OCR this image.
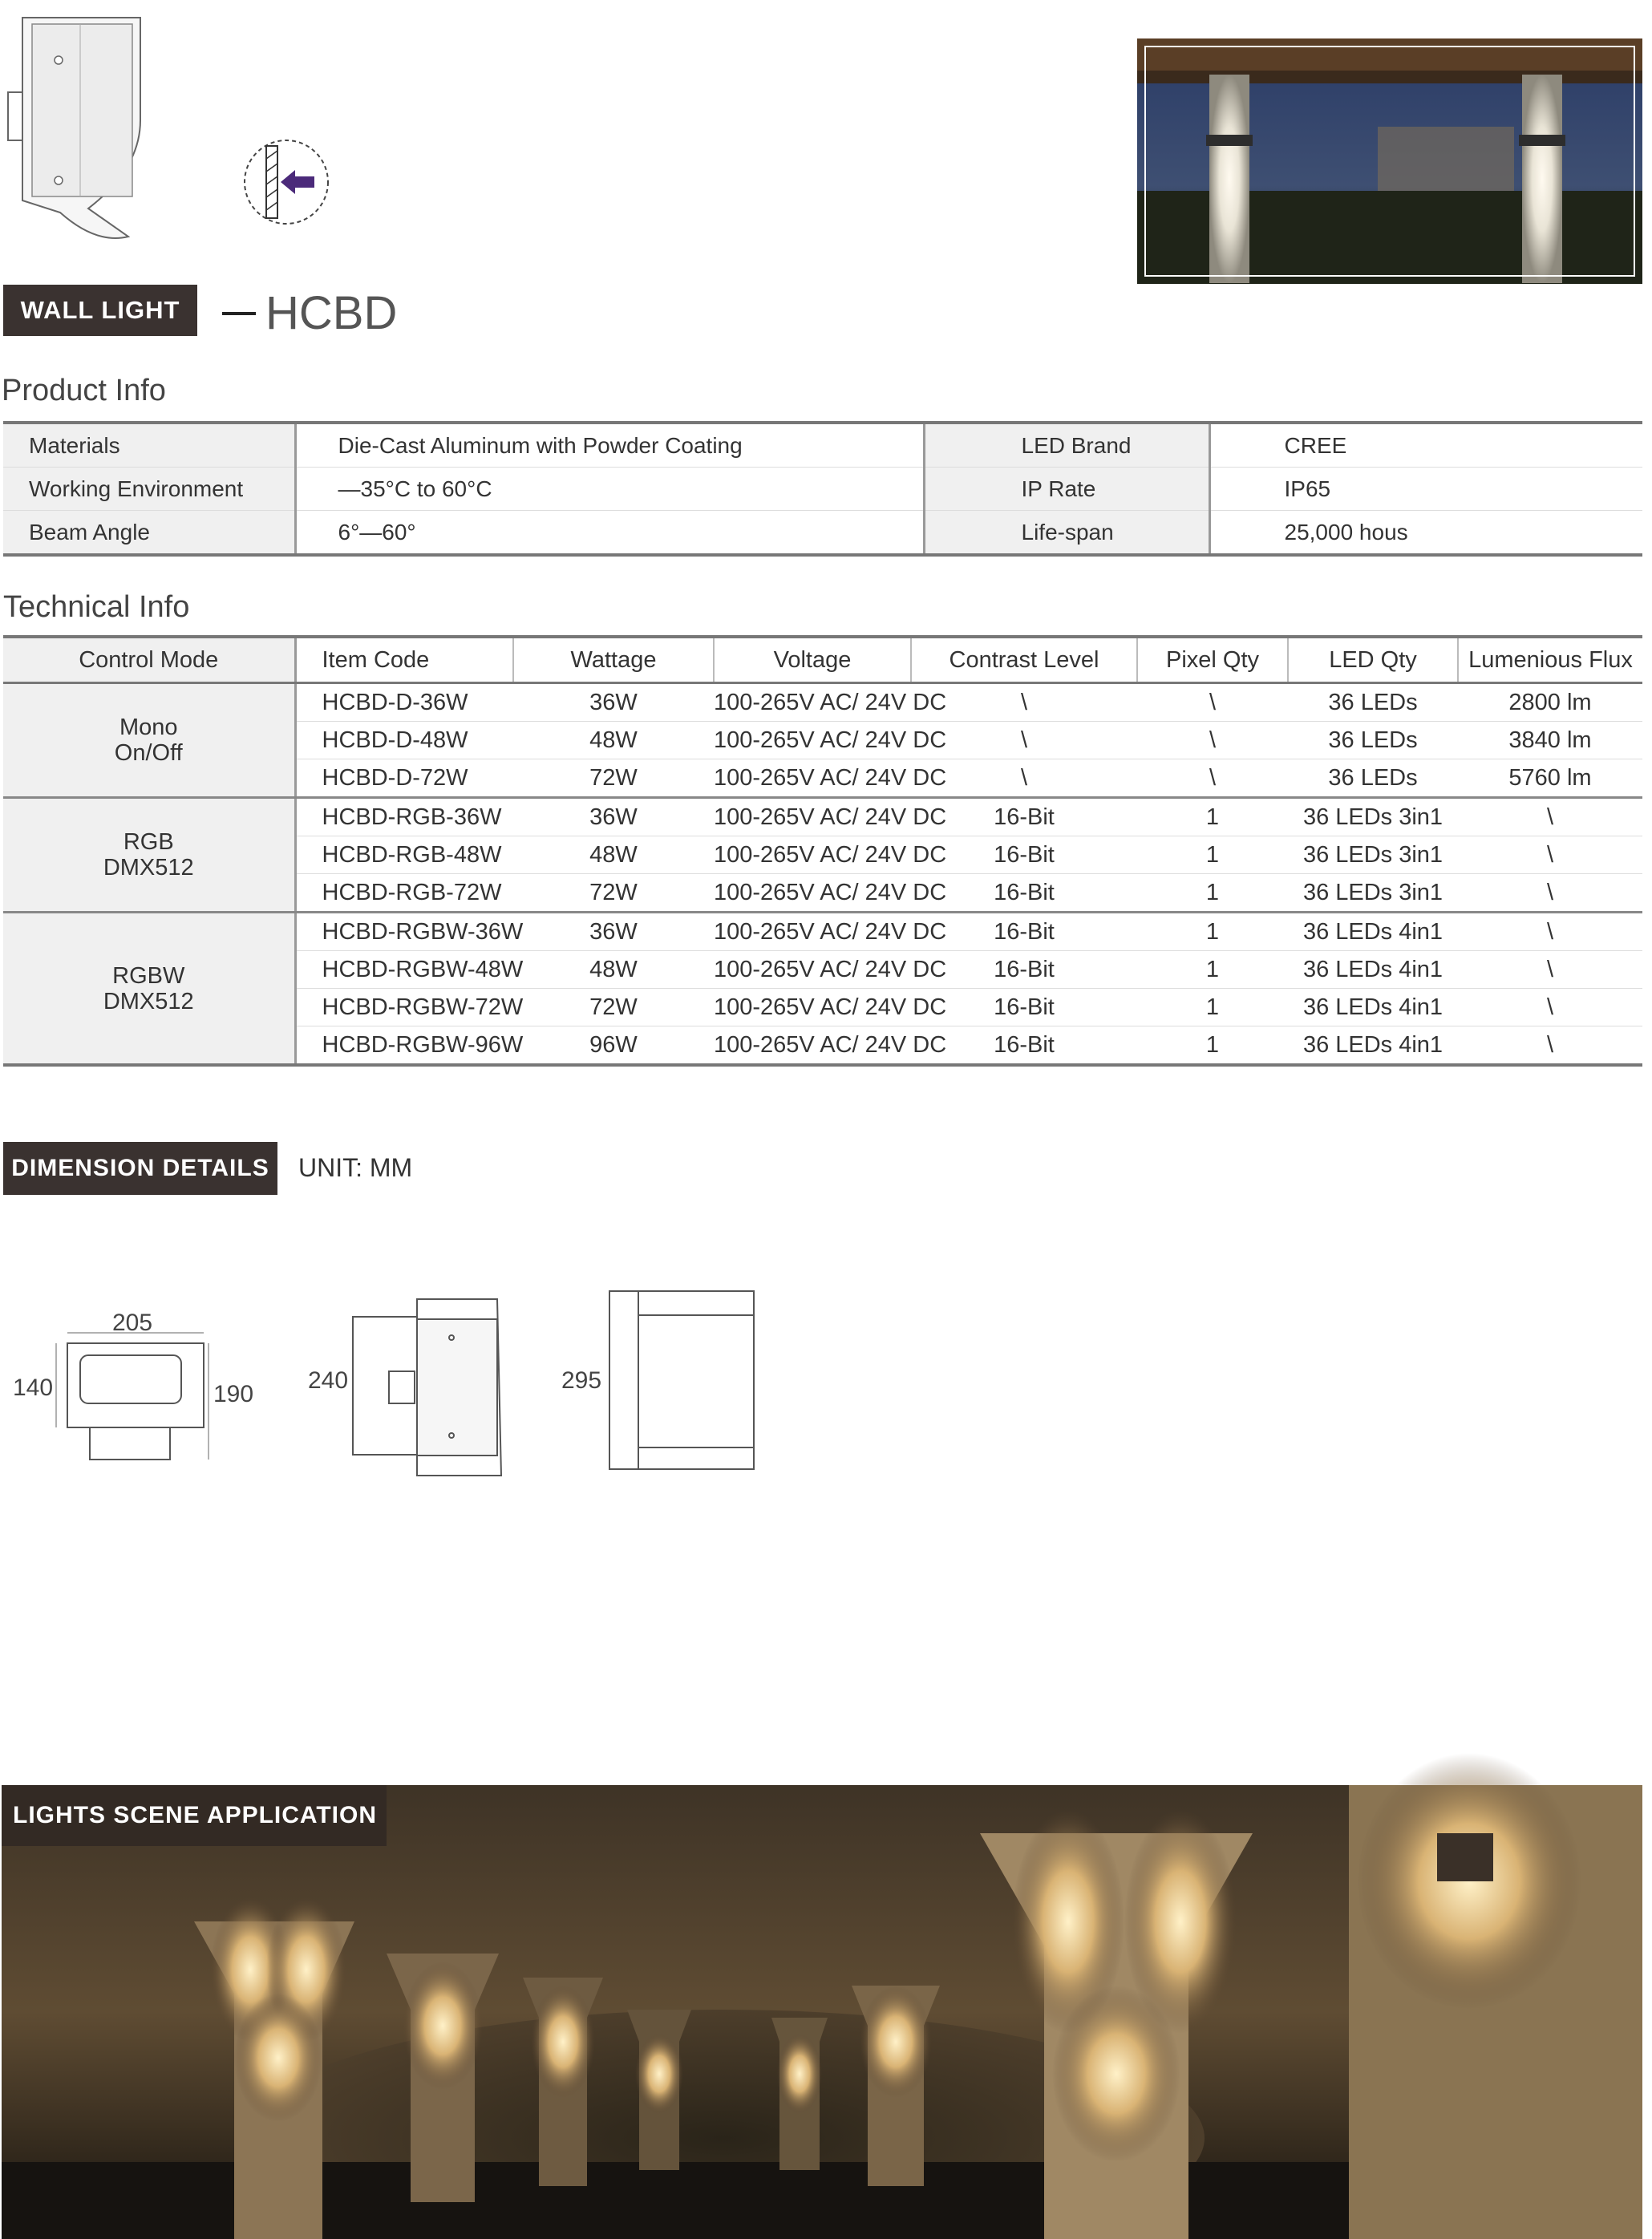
WALL LIGHT	HCBD
Product Info
Materials	Die-Cast Aluminum with Powder Coating	LED Brand	CREE
Working Environment	—35°C to 60°C	IP Rate	IP65
Beam Angle	6°—60°	Life-span	25,000 hous
Technical Info
Control Mode	Item Code	Wattage	Voltage	Contrast Level	Pixel Qty	LED Qty	Lumenious Flux
Mono
On/Off	HCBD-D-36W	36W	100-265V AC/ 24V DC	\	\	36 LEDs	2800 lm
	HCBD-D-48W	48W	100-265V AC/ 24V DC	\	\	36 LEDs	3840 lm
	HCBD-D-72W	72W	100-265V AC/ 24V DC	\	\	36 LEDs	5760 lm
RGB
DMX512	HCBD-RGB-36W	36W	100-265V AC/ 24V DC	16-Bit	1	36 LEDs 3in1	\
	HCBD-RGB-48W	48W	100-265V AC/ 24V DC	16-Bit	1	36 LEDs 3in1	\
	HCBD-RGB-72W	72W	100-265V AC/ 24V DC	16-Bit	1	36 LEDs 3in1	\
RGBW
DMX512	HCBD-RGBW-36W	36W	100-265V AC/ 24V DC	16-Bit	1	36 LEDs 4in1	\
	HCBD-RGBW-48W	48W	100-265V AC/ 24V DC	16-Bit	1	36 LEDs 4in1	\
	HCBD-RGBW-72W	72W	100-265V AC/ 24V DC	16-Bit	1	36 LEDs 4in1	\
	HCBD-RGBW-96W	96W	100-265V AC/ 24V DC	16-Bit	1	36 LEDs 4in1	\
DIMENSION DETAILS	UNIT: MM
205
140	190
240	295
LIGHTS SCENE APPLICATION
